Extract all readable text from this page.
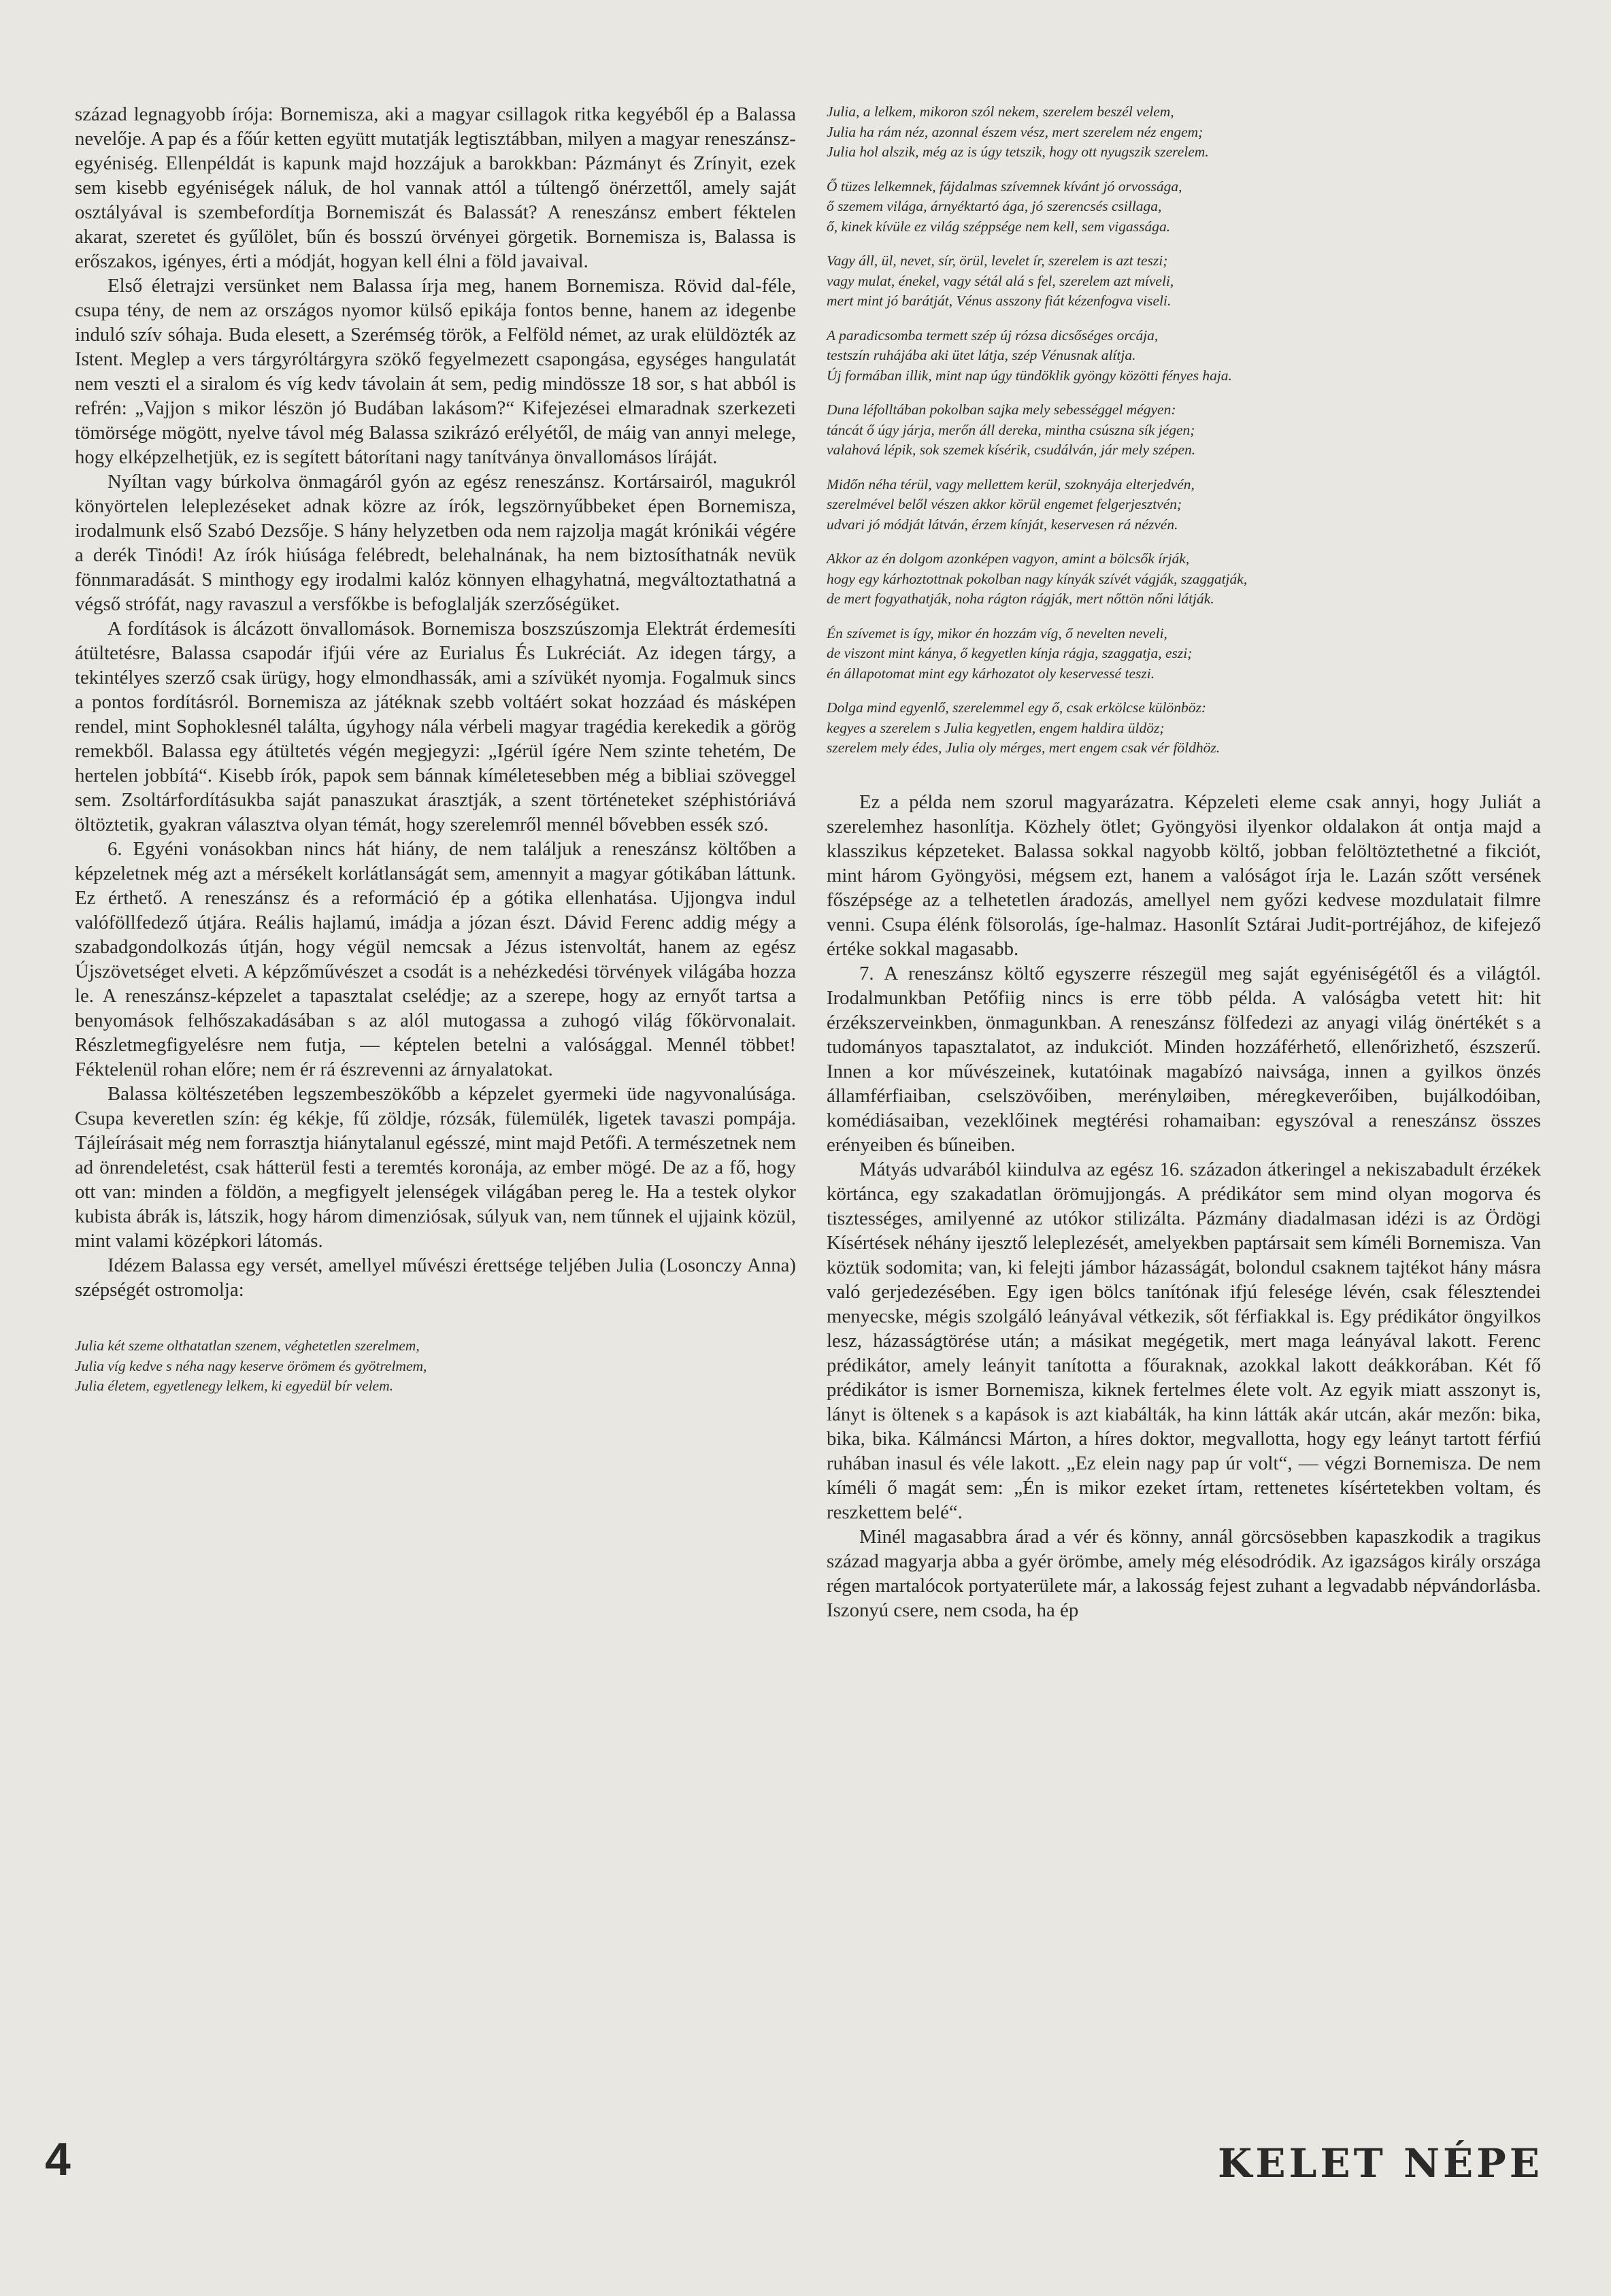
század legnagyobb írója: Bornemisza, aki a magyar csillagok ritka kegyéből ép a Balassa nevelője. A pap és a főúr ketten együtt mutatják legtisztábban, milyen a magyar reneszánsz-egyéniség. Ellenpéldát is kapunk majd hozzájuk a barokkban: Pázmányt és Zrínyit, ezek sem kisebb egyéniségek náluk, de hol vannak attól a túltengő önérzettől, amely saját osztályával is szembefordítja Bornemiszát és Balassát? A reneszánsz embert féktelen akarat, szeretet és gyűlölet, bűn és bosszú örvényei görgetik. Bornemisza is, Balassa is erőszakos, igényes, érti a módját, hogyan kell élni a föld javaival.

Első életrajzi versünket nem Balassa írja meg, hanem Bornemisza. Rövid dal-féle, csupa tény, de nem az országos nyomor külső epikája fontos benne, hanem az idegenbe induló szív sóhaja. Buda elesett, a Szerémség török, a Felföld német, az urak elüldözték az Istent. Meglep a vers tárgyróltárgyra szökő fegyelmezett csapongása, egységes hangulatát nem veszti el a siralom és víg kedv távolain át sem, pedig mindössze 18 sor, s hat abból is refrén: „Vajjon s mikor lészön jó Budában lakásom?“ Kifejezései elmaradnak szerkezeti tömörsége mögött, nyelve távol még Balassa szikrázó erélyétől, de máig van annyi melege, hogy elképzelhetjük, ez is segített bátorítani nagy tanítványa önvallomásos líráját.

Nyíltan vagy búrkolva önmagáról gyón az egész reneszánsz. Kortársairól, magukról könyörtelen leleplezéseket adnak közre az írók, legszörnyűbbeket épen Bornemisza, irodalmunk első Szabó Dezsője. S hány helyzetben oda nem rajzolja magát krónikái végére a derék Tinódi! Az írók hiúsága felébredt, belehalnának, ha nem biztosíthatnák nevük fönnmaradását. S minthogy egy irodalmi kalóz könnyen elhagyhatná, megváltoztathatná a végső strófát, nagy ravaszul a versfőkbe is befoglalják szerzőségüket.

A fordítások is álcázott önvallomások. Bornemisza boszszúszomja Elektrát érdemesíti átültetésre, Balassa csapodár ifjúi vére az Eurialus És Lukréciát. Az idegen tárgy, a tekintélyes szerző csak ürügy, hogy elmondhassák, ami a szívükét nyomja. Fogalmuk sincs a pontos fordításról. Bornemisza az játéknak szebb voltáért sokat hozzáad és másképen rendel, mint Sophoklesnél találta, úgyhogy nála vérbeli magyar tragédia kerekedik a görög remekből. Balassa egy átültetés végén megjegyzi: „Igérül ígére Nem szinte tehetém, De hertelen jobbítá“. Kisebb írók, papok sem bánnak kíméletesebben még a bibliai szöveggel sem. Zsoltárfordításukba saját panaszukat árasztják, a szent történeteket széphistóriává öltöztetik, gyakran választva olyan témát, hogy szerelemről mennél bővebben essék szó.

6. Egyéni vonásokban nincs hát hiány, de nem találjuk a reneszánsz költőben a képzeletnek még azt a mérsékelt korlátlanságát sem, amennyit a magyar gótikában láttunk. Ez érthető. A reneszánsz és a reformáció ép a gótika ellenhatása. Ujjongva indul valóföllfedező útjára. Reális hajlamú, imádja a józan észt. Dávid Ferenc addig mégy a szabadgondolkozás útján, hogy végül nemcsak a Jézus istenvoltát, hanem az egész Újszövetséget elveti. A képzőművészet a csodát is a nehézkedési törvények világába hozza le. A reneszánsz-képzelet a tapasztalat cselédje; az a szerepe, hogy az ernyőt tartsa a benyomások felhőszakadásában s az alól mutogassa a zuhogó világ főkörvonalait. Részletmegfigyelésre nem futja, — képtelen betelni a valósággal. Mennél többet! Féktelenül rohan előre; nem ér rá észrevenni az árnyalatokat.

Balassa költészetében legszembeszökőbb a képzelet gyermeki üde nagyvonalúsága. Csupa keveretlen szín: ég kékje, fű zöldje, rózsák, fülemülék, ligetek tavaszi pompája. Tájleírásait még nem forrasztja hiánytalanul egésszé, mint majd Petőfi. A természetnek nem ad önrendeletést, csak hátterül festi a teremtés koronája, az ember mögé. De az a fő, hogy ott van: minden a földön, a megfigyelt jelenségek világában pereg le. Ha a testek olykor kubista ábrák is, látszik, hogy három dimenziósak, súlyuk van, nem tűnnek el ujjaink közül, mint valami középkori látomás.

Idézem Balassa egy versét, amellyel művészi érettsége teljében Julia (Losonczy Anna) szépségét ostromolja:

Julia két szeme olthatatlan szenem, véghetetlen szerelmem,

Julia víg kedve s néha nagy keserve örömem és gyötrelmem,

Julia életem, egyetlenegy lelkem, ki egyedül bír velem.

Julia, a lelkem, mikoron szól nekem, szerelem beszél velem,

Julia ha rám néz, azonnal észem vész, mert szerelem néz engem;

Julia hol alszik, még az is úgy tetszik, hogy ott nyugszik szerelem.

Ő tüzes lelkemnek, fájdalmas szívemnek kívánt jó orvossága,

ő szemem világa, árnyéktartó ága, jó szerencsés csillaga,

ő, kinek kívüle ez világ széppsége nem kell, sem vigassága.

Vagy áll, ül, nevet, sír, örül, levelet ír, szerelem is azt teszi;

vagy mulat, énekel, vagy sétál alá s fel, szerelem azt míveli,

mert mint jó barátját, Vénus asszony fiát kézenfogva viseli.

A paradicsomba termett szép új rózsa dicsőséges orcája,

testszín ruhájába aki ütet látja, szép Vénusnak alítja.

Új formában illik, mint nap úgy tündöklik gyöngy közötti fényes haja.

Duna léfolltában pokolban sajka mely sebességgel mégyen:

táncát ő úgy járja, merőn áll dereka, mintha csúszna sík jégen;

valahová lépik, sok szemek kísérik, csudálván, jár mely szépen.

Midőn néha térül, vagy mellettem kerül, szoknyája elterjedvén,

szerelmével belől vészen akkor körül engemet felgerjesztvén;

udvari jó módját látván, érzem kínját, keservesen rá nézvén.

Akkor az én dolgom azonképen vagyon, amint a bölcsők írják,

hogy egy kárhoztottnak pokolban nagy kínyák szívét vágják, szaggatják,

de mert fogyathatják, noha rágton rágják, mert nőttön nőni látják.

Én szívemet is így, mikor én hozzám víg, ő nevelten neveli,

de viszont mint kánya, ő kegyetlen kínja rágja, szaggatja, eszi;

én állapotomat mint egy kárhozatot oly keservessé teszi.

Dolga mind egyenlő, szerelemmel egy ő, csak erkölcse különböz:

kegyes a szerelem s Julia kegyetlen, engem haldira üldöz;

szerelem mely édes, Julia oly mérges, mert engem csak vér földhöz.

Ez a példa nem szorul magyarázatra. Képzeleti eleme csak annyi, hogy Juliát a szerelemhez hasonlítja. Közhely ötlet; Gyöngyösi ilyenkor oldalakon át ontja majd a klasszikus képzeteket. Balassa sokkal nagyobb költő, jobban felöltöztethetné a fikciót, mint három Gyöngyösi, mégsem ezt, hanem a valóságot írja le. Lazán szőtt versének főszépsége az a telhetetlen áradozás, amellyel nem győzi kedvese mozdulatait filmre venni. Csupa élénk fölsorolás, íge-halmaz. Hasonlít Sztárai Judit-portréjához, de kifejező értéke sokkal magasabb.

7. A reneszánsz költő egyszerre részegül meg saját egyéniségétől és a világtól. Irodalmunkban Petőfiig nincs is erre több példa. A valóságba vetett hit: hit érzékszerveinkben, önmagunkban. A reneszánsz fölfedezi az anyagi világ önértékét s a tudományos tapasztalatot, az indukciót. Minden hozzáférhető, ellenőrizhető, észszerű. Innen a kor művészeinek, kutatóinak magabízó naivsága, innen a gyilkos önzés államférfiaiban, cselszövőiben, merényløiben, méregkeverőiben, bujálkodóiban, komédiásaiban, vezeklőinek megtérési rohamaiban: egyszóval a reneszánsz összes erényeiben és bűneiben.

Mátyás udvarából kiindulva az egész 16. századon átkeringel a nekiszabadult érzékek körtánca, egy szakadatlan örömujjongás. A prédikátor sem mind olyan mogorva és tisztességes, amilyenné az utókor stilizálta. Pázmány diadalmasan idézi is az Ördögi Kísértések néhány ijesztő leleplezését, amelyekben paptársait sem kíméli Bornemisza. Van köztük sodomita; van, ki felejti jámbor házasságát, bolondul csaknem tajtékot hány másra való gerjedezésében. Egy igen bölcs tanítónak ifjú felesége lévén, csak félesztendei menyecske, mégis szolgáló leányával vétkezik, sőt férfiakkal is. Egy prédikátor öngyilkos lesz, házasságtörése után; a másikat megégetik, mert maga leányával lakott. Ferenc prédikátor, amely leányit tanította a főuraknak, azokkal lakott deákkorában. Két fő prédikátor is ismer Bornemisza, kiknek fertelmes élete volt. Az egyik miatt asszonyt is, lányt is öltenek s a kapások is azt kiabálták, ha kinn látták akár utcán, akár mezőn: bika, bika, bika. Kálmáncsi Márton, a híres doktor, megvallotta, hogy egy leányt tartott férfiú ruhában inasul és véle lakott. „Ez elein nagy pap úr volt“, — végzi Bornemisza. De nem kíméli ő magát sem: „Én is mikor ezeket írtam, rettenetes kísértetekben voltam, és reszkettem belé“.

Minél magasabbra árad a vér és könny, annál görcsösebben kapaszkodik a tragikus század magyarja abba a gyér örömbe, amely még elésodródik. Az igazságos király országa régen martalócok portyaterülete már, a lakosság fejest zuhant a legvadabb népvándorlásba. Iszonyú csere, nem csoda, ha ép

4	KELET NÉPE
